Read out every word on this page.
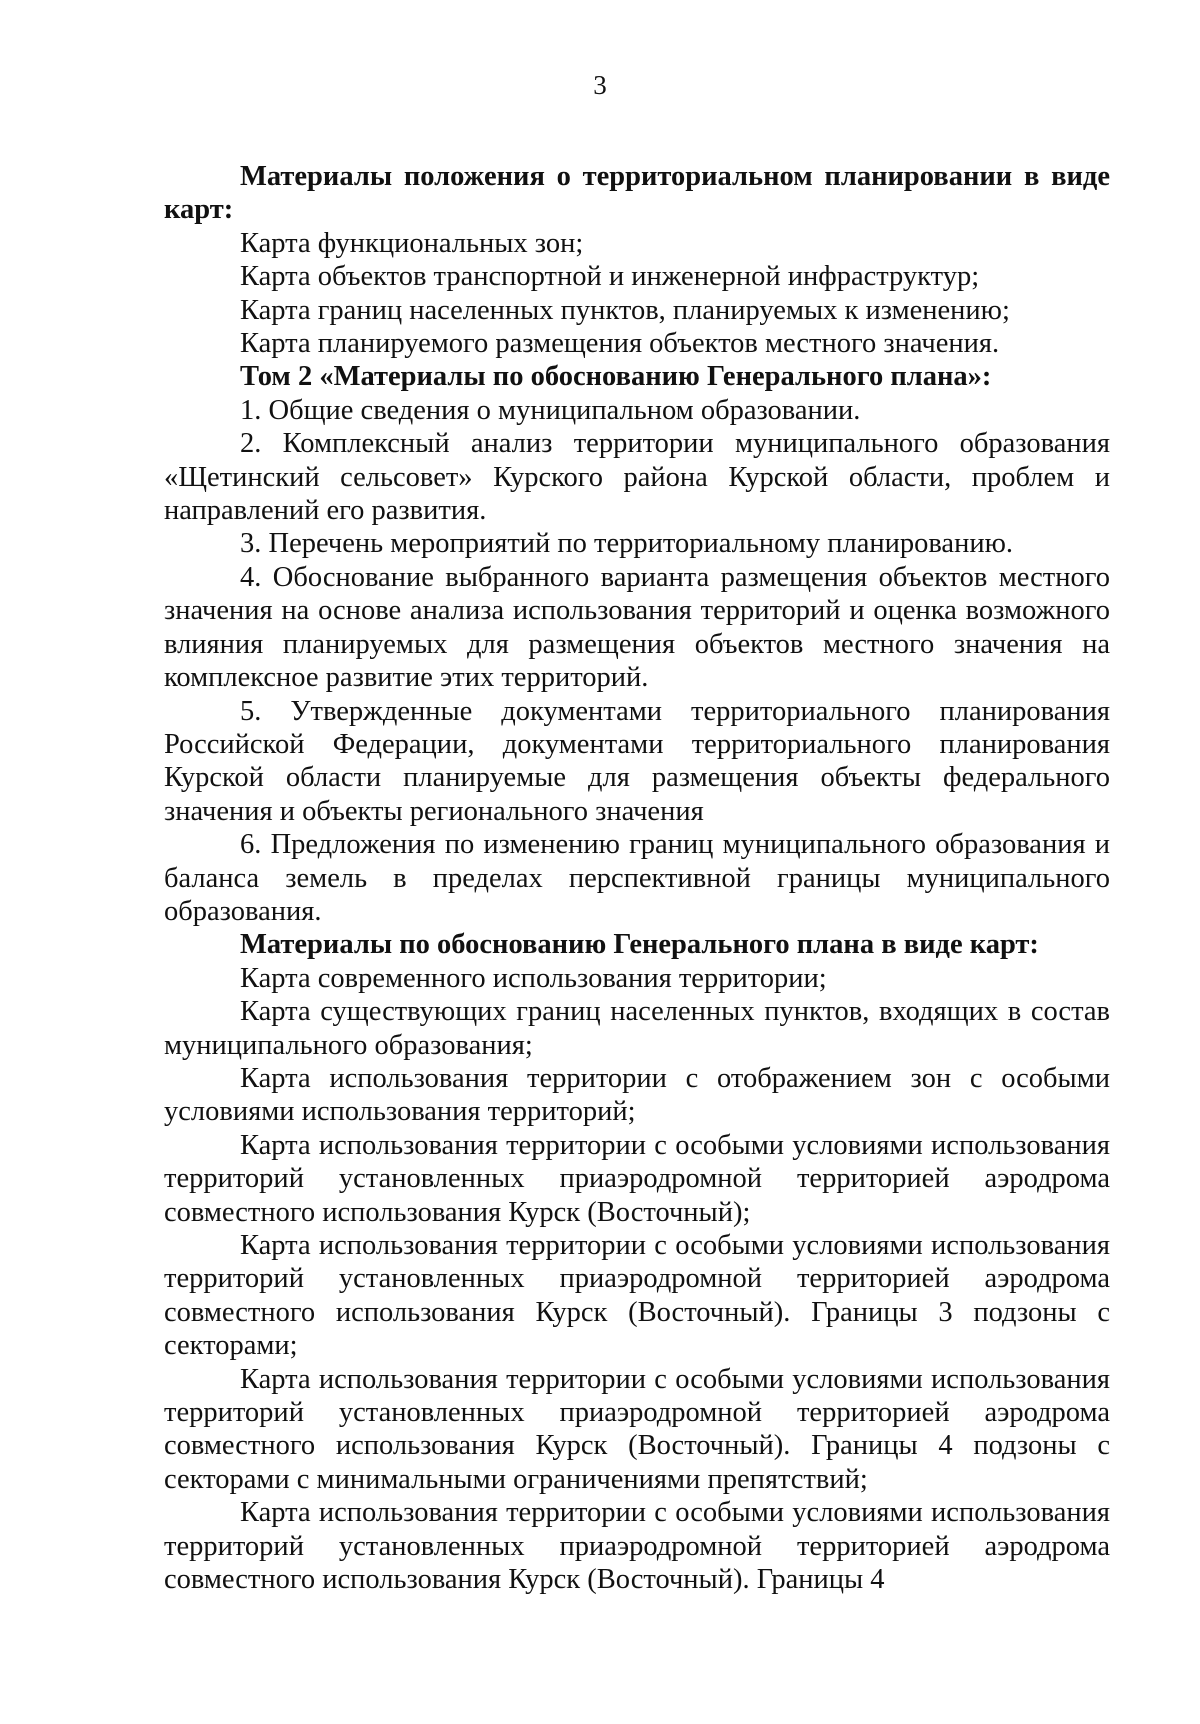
3

Материалы положения о территориальном планировании в виде карт:

Карта функциональных зон;

Карта объектов транспортной и инженерной инфраструктур;

Карта границ населенных пунктов, планируемых к изменению;

Карта планируемого размещения объектов местного значения.

Том 2 «Материалы по обоснованию Генерального плана»:

1. Общие сведения о муниципальном образовании.

2. Комплексный анализ территории муниципального образования «Щетинский сельсовет» Курского района Курской области, проблем и направлений его развития.

3. Перечень мероприятий по территориальному планированию.

4. Обоснование выбранного варианта размещения объектов местного значения на основе анализа использования территорий и оценка возможного влияния планируемых для размещения объектов местного значения на комплексное развитие этих территорий.

5. Утвержденные документами территориального планирования Российской Федерации, документами территориального планирования Курской области планируемые для размещения объекты федерального значения и объекты регионального значения

6. Предложения по изменению границ муниципального образования и баланса земель в пределах перспективной границы муниципального образования.

Материалы по обоснованию Генерального плана в виде карт:

Карта современного использования территории;

Карта существующих границ населенных пунктов, входящих в состав муниципального образования;

Карта использования территории с отображением зон с особыми условиями использования территорий;

Карта использования территории с особыми условиями использования территорий установленных приаэродромной территорией аэродрома совместного использования Курск (Восточный);

Карта использования территории с особыми условиями использования территорий установленных приаэродромной территорией аэродрома совместного использования Курск (Восточный). Границы 3 подзоны с секторами;

Карта использования территории с особыми условиями использования территорий установленных приаэродромной территорией аэродрома совместного использования Курск (Восточный). Границы 4 подзоны с секторами с минимальными ограничениями препятствий;

Карта использования территории с особыми условиями использования территорий установленных приаэродромной территорией аэродрома совместного использования Курск (Восточный). Границы 4
